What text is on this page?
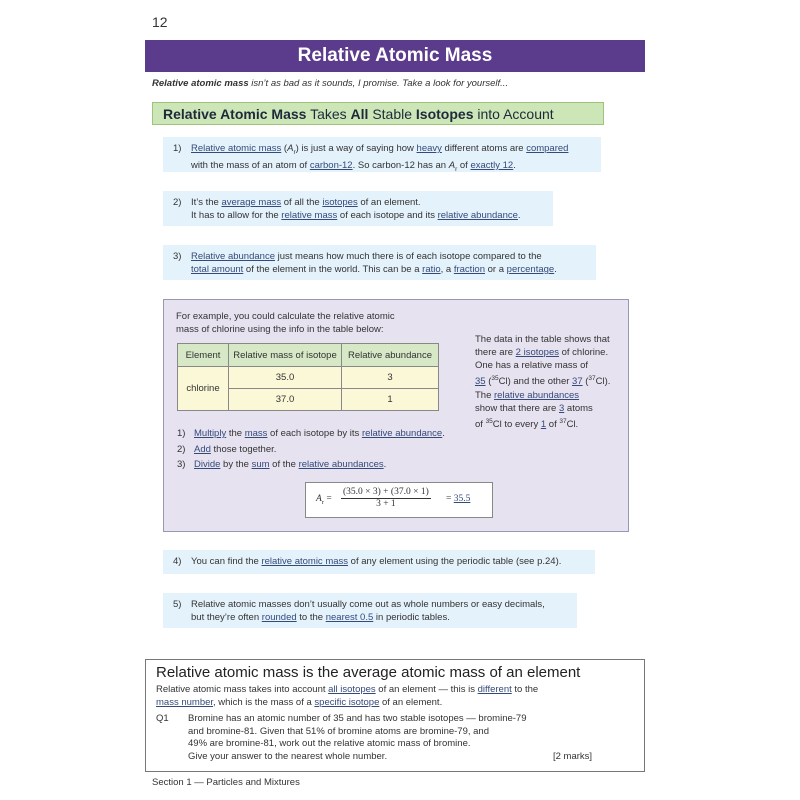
12
Relative Atomic Mass
Relative atomic mass isn’t as bad as it sounds, I promise. Take a look for yourself...
Relative Atomic Mass Takes All Stable Isotopes into Account
1) Relative atomic mass $(A_r)$ is just a way of saying how heavy different atoms are compared
with the mass of an atom of carbon-12. So carbon-12 has an $A_r$ of exactly 12.
2) It’s the average mass of all the isotopes of an element.
It has to allow for the relative mass of each isotope and its relative abundance.
3) Relative abundance just means how much there is of each isotope compared to the
total amount of the element in the world. This can be a ratio, a fraction or a percentage.
For example, you could calculate the relative atomic
mass of chlorine using the info in the table below:
Element	Relative mass of isotope	Relative abundance
chlorine	35.0	3
	37.0	1
The data in the table shows that
there are 2 isotopes of chlorine.
One has a relative mass of
35 ($^{35}$Cl) and the other 37 ($^{37}$Cl).
The relative abundances
show that there are 3 atoms
of $^{35}$Cl to every 1 of $^{37}$Cl.
1) Multiply the mass of each isotope by its relative abundance.
2) Add those together.
3) Divide by the sum of the relative abundances.
$A_r$ =
(35.0 × 3) + (37.0 × 1)
3 + 1	= 35.5
4) You can find the relative atomic mass of any element using the periodic table (see p.24).
5) Relative atomic masses don’t usually come out as whole numbers or easy decimals,
but they’re often rounded to the nearest 0.5 in periodic tables.
Relative atomic mass is the average atomic mass of an element
Relative atomic mass takes into account all isotopes of an element — this is different to the
mass number, which is the mass of a specific isotope of an element.
Q1 Bromine has an atomic number of 35 and has two stable isotopes — bromine-79
and bromine-81. Given that 51% of bromine atoms are bromine-79, and
49% are bromine-81, work out the relative atomic mass of bromine.
Give your answer to the nearest whole number.	[2 marks]
Section 1 — Particles and Mixtures
